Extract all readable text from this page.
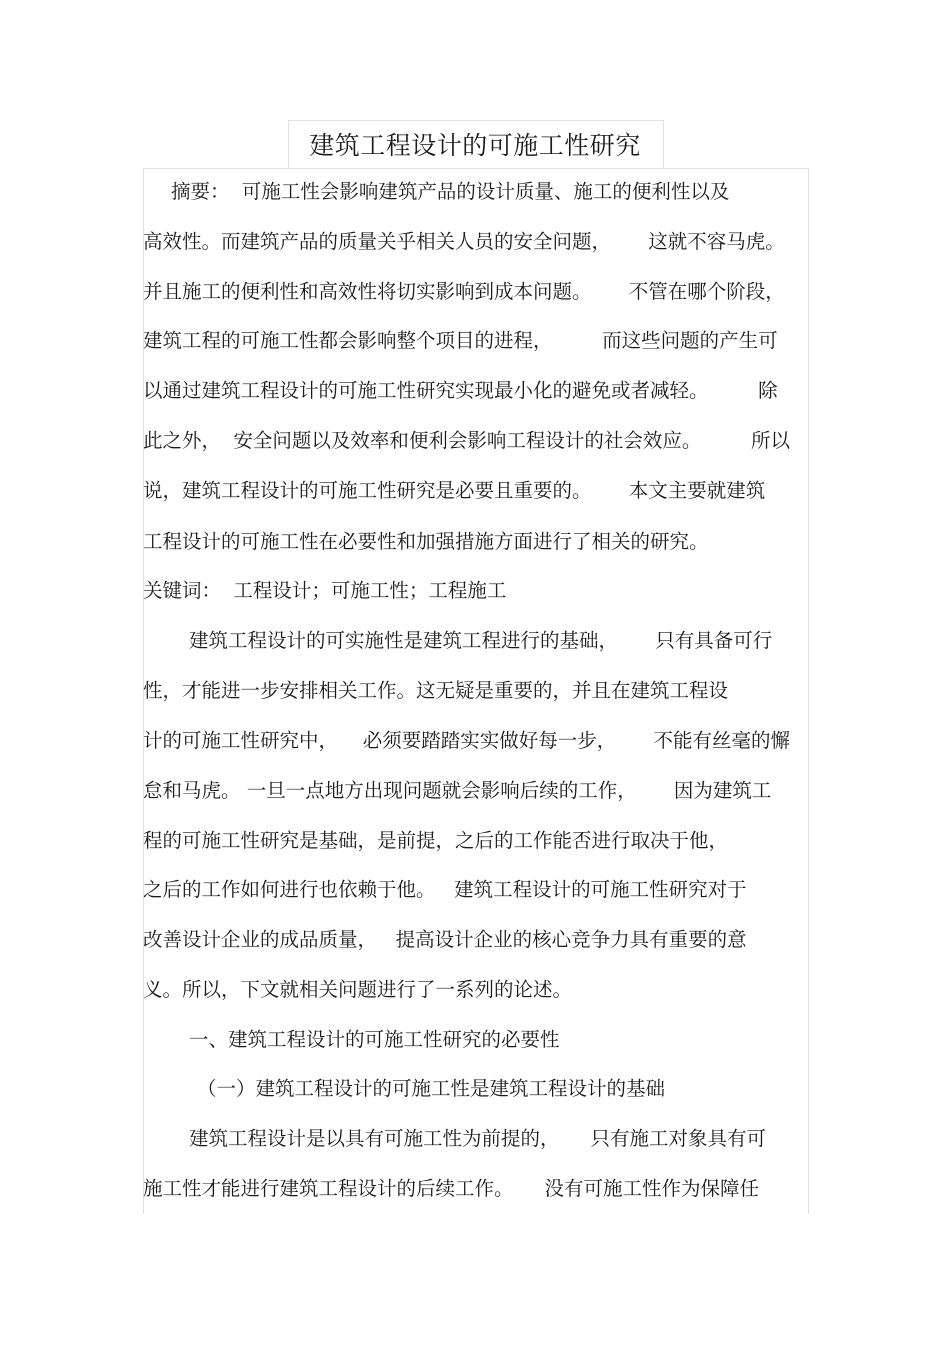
建筑工程设计的可施工性研究
摘要：  可施工性会影响建筑产品的设计质量、施工的便利性以及
高效性。而建筑产品的质量关乎相关人员的安全问题，      这就不容马虎。
并且施工的便利性和高效性将切实影响到成本问题。      不管在哪个阶段，
建筑工程的可施工性都会影响整个项目的进程，        而这些问题的产生可
以通过建筑工程设计的可施工性研究实现最小化的避免或者减轻。        除
此之外，  安全问题以及效率和便利会影响工程设计的社会效应。        所以
说，建筑工程设计的可施工性研究是必要且重要的。      本文主要就建筑
工程设计的可施工性在必要性和加强措施方面进行了相关的研究。
关键词：  工程设计；可施工性；工程施工
建筑工程设计的可实施性是建筑工程进行的基础，      只有具备可行
性，才能进一步安排相关工作。这无疑是重要的，并且在建筑工程设
计的可施工性研究中，    必须要踏踏实实做好每一步，      不能有丝毫的懈
怠和马虎。 一旦一点地方出现问题就会影响后续的工作，      因为建筑工
程的可施工性研究是基础，是前提，之后的工作能否进行取决于他，
之后的工作如何进行也依赖于他。   建筑工程设计的可施工性研究对于
改善设计企业的成品质量，   提高设计企业的核心竞争力具有重要的意
义。所以，下文就相关问题进行了一系列的论述。
一、建筑工程设计的可施工性研究的必要性
（一）建筑工程设计的可施工性是建筑工程设计的基础
建筑工程设计是以具有可施工性为前提的，     只有施工对象具有可
施工性才能进行建筑工程设计的后续工作。     没有可施工性作为保障任
